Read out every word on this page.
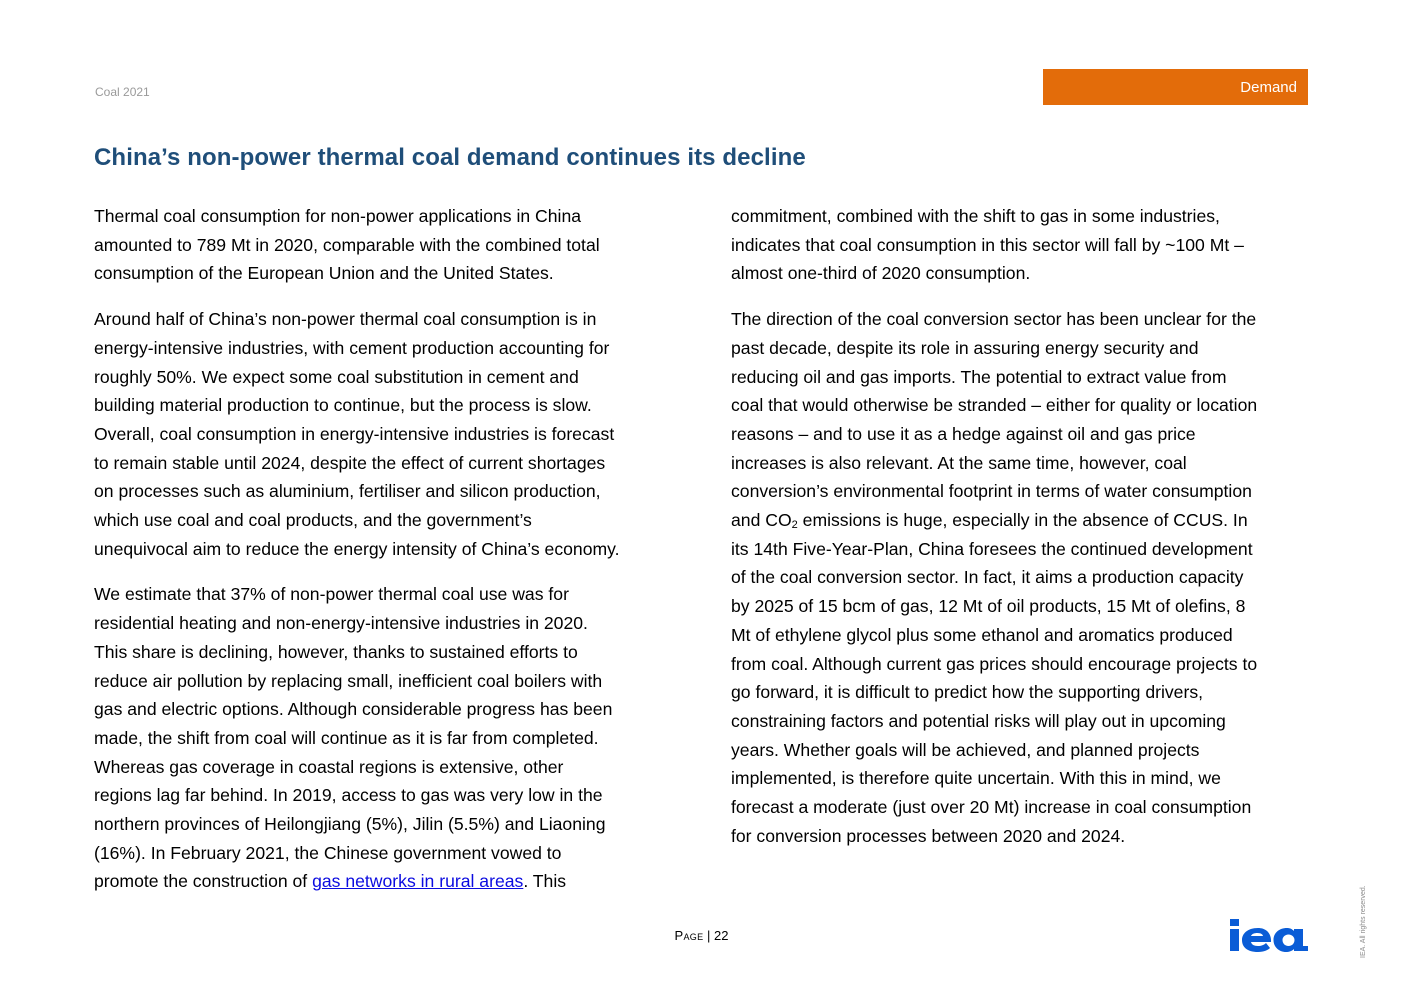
Coal 2021	Demand
China’s non-power thermal coal demand continues its decline

Thermal coal consumption for non-power applications in China
amounted to 789 Mt in 2020, comparable with the combined total
consumption of the European Union and the United States.

Around half of China’s non-power thermal coal consumption is in
energy-intensive industries, with cement production accounting for
roughly 50%. We expect some coal substitution in cement and
building material production to continue, but the process is slow.
Overall, coal consumption in energy-intensive industries is forecast
to remain stable until 2024, despite the effect of current shortages
on processes such as aluminium, fertiliser and silicon production,
which use coal and coal products, and the government’s
unequivocal aim to reduce the energy intensity of China’s economy.

We estimate that 37% of non-power thermal coal use was for
residential heating and non-energy-intensive industries in 2020.
This share is declining, however, thanks to sustained efforts to
reduce air pollution by replacing small, inefficient coal boilers with
gas and electric options. Although considerable progress has been
made, the shift from coal will continue as it is far from completed.
Whereas gas coverage in coastal regions is extensive, other
regions lag far behind. In 2019, access to gas was very low in the
northern provinces of Heilongjiang (5%), Jilin (5.5%) and Liaoning
(16%). In February 2021, the Chinese government vowed to
promote the construction of gas networks in rural areas. This

commitment, combined with the shift to gas in some industries,
indicates that coal consumption in this sector will fall by ~100 Mt –
almost one-third of 2020 consumption.

The direction of the coal conversion sector has been unclear for the
past decade, despite its role in assuring energy security and
reducing oil and gas imports. The potential to extract value from
coal that would otherwise be stranded – either for quality or location
reasons – and to use it as a hedge against oil and gas price
increases is also relevant. At the same time, however, coal
conversion’s environmental footprint in terms of water consumption
and $CO_2$ emissions is huge, especially in the absence of CCUS. In
its 14th Five-Year-Plan, China foresees the continued development
of the coal conversion sector. In fact, it aims a production capacity
by 2025 of 15 bcm of gas, 12 Mt of oil products, 15 Mt of olefins, 8
Mt of ethylene glycol plus some ethanol and aromatics produced
from coal. Although current gas prices should encourage projects to
go forward, it is difficult to predict how the supporting drivers,
constraining factors and potential risks will play out in upcoming
years. Whether goals will be achieved, and planned projects
implemented, is therefore quite uncertain. With this in mind, we
forecast a moderate (just over 20 Mt) increase in coal consumption
for conversion processes between 2020 and 2024.

Page | 22	IEA. All rights reserved.
